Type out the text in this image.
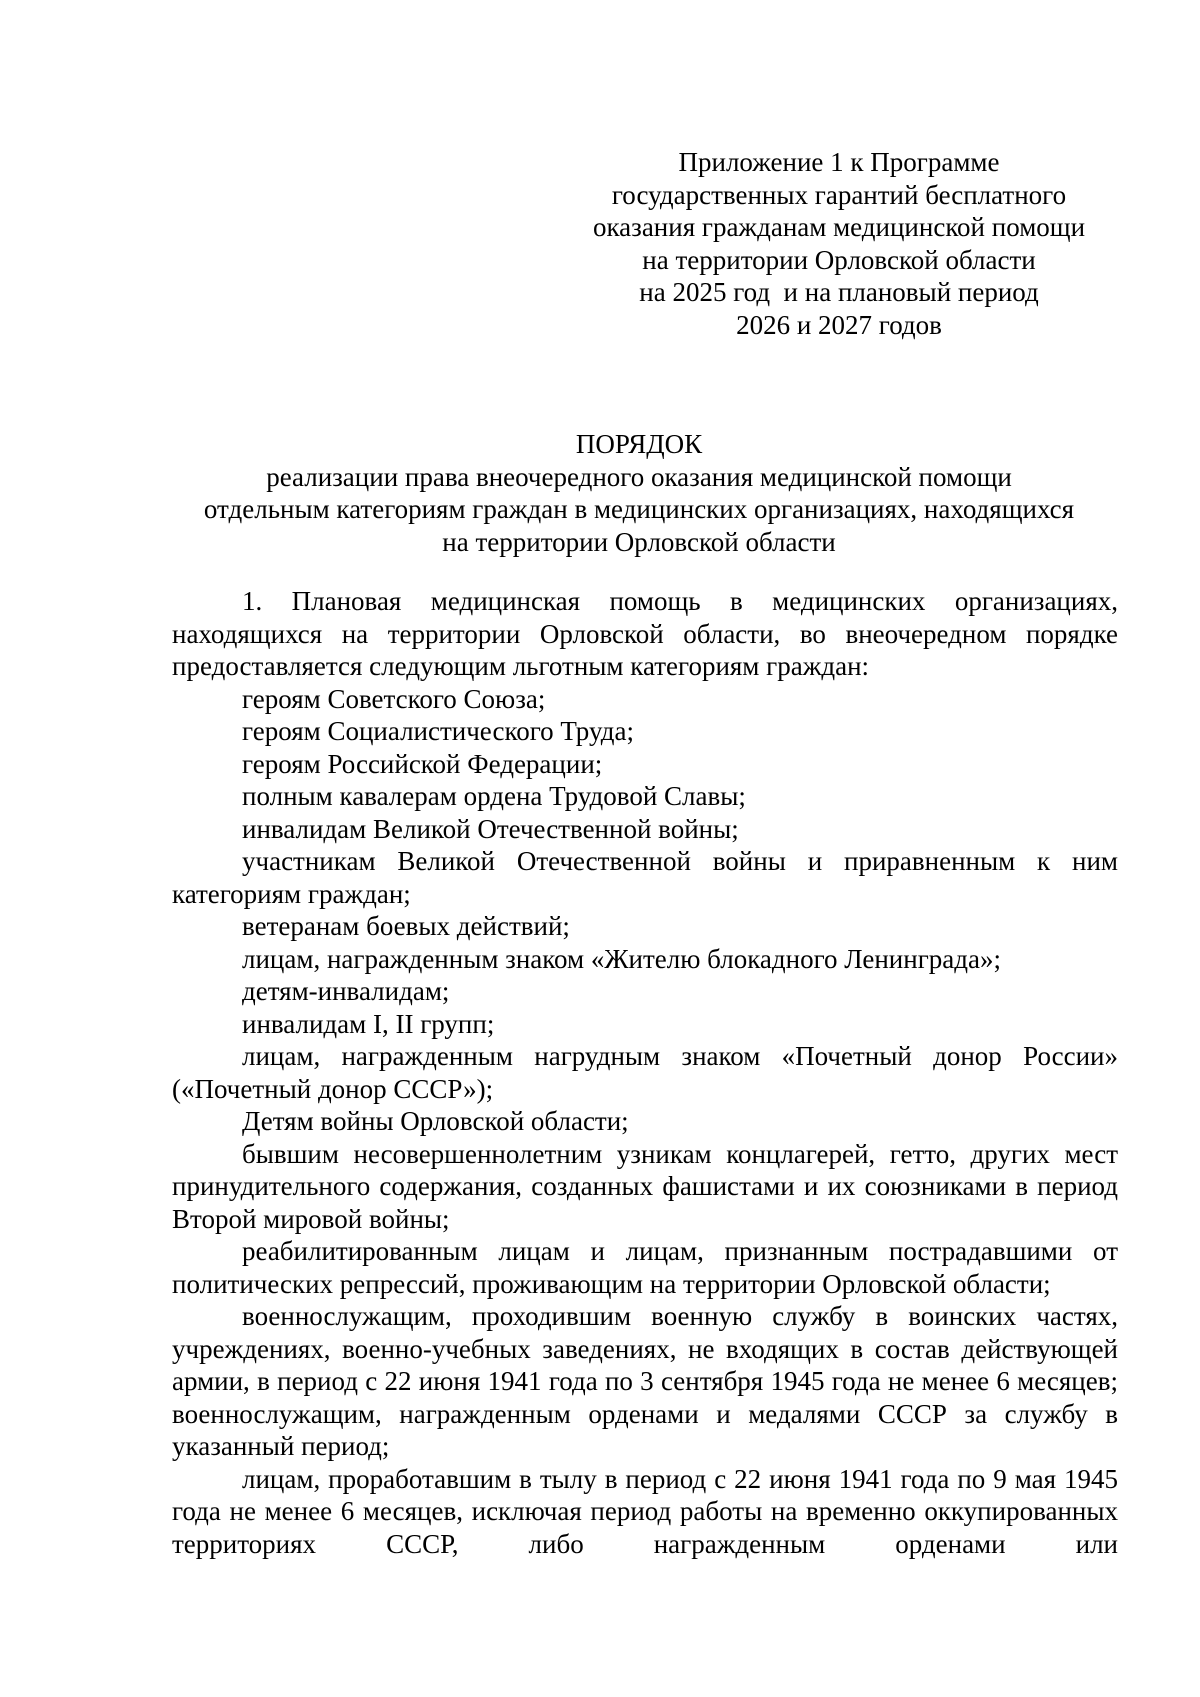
Приложение 1 к Программе
государственных гарантий бесплатного
оказания гражданам медицинской помощи
на территории Орловской области
на 2025 год  и на плановый период
2026 и 2027 годов
ПОРЯДОК
реализации права внеочередного оказания медицинской помощи
отдельным категориям граждан в медицинских организациях, находящихся
на территории Орловской области

1. Плановая медицинская помощь в медицинских организациях, находящихся на территории Орловской области, во внеочередном порядке предоставляется следующим льготным категориям граждан:

героям Советского Союза;

героям Социалистического Труда;

героям Российской Федерации;

полным кавалерам ордена Трудовой Славы;

инвалидам Великой Отечественной войны;

участникам Великой Отечественной войны и приравненным к ним категориям граждан;

ветеранам боевых действий;

лицам, награжденным знаком «Жителю блокадного Ленинграда»;

детям-инвалидам;

инвалидам I, II групп;

лицам, награжденным нагрудным знаком «Почетный донор России» («Почетный донор СССР»);

Детям войны Орловской области;

бывшим несовершеннолетним узникам концлагерей, гетто, других мест принудительного содержания, созданных фашистами и их союзниками в период Второй мировой войны;

реабилитированным лицам и лицам, признанным пострадавшими от политических репрессий, проживающим на территории Орловской области;

военнослужащим, проходившим военную службу в воинских частях, учреждениях, военно-учебных заведениях, не входящих в состав действующей армии, в период с 22 июня 1941 года по 3 сентября 1945 года не менее 6 месяцев; военнослужащим, награжденным орденами и медалями СССР за службу в указанный период;

лицам, проработавшим в тылу в период с 22 июня 1941 года по 9 мая 1945 года не менее 6 месяцев, исключая период работы на временно оккупированных территориях СССР, либо награжденным орденами или
